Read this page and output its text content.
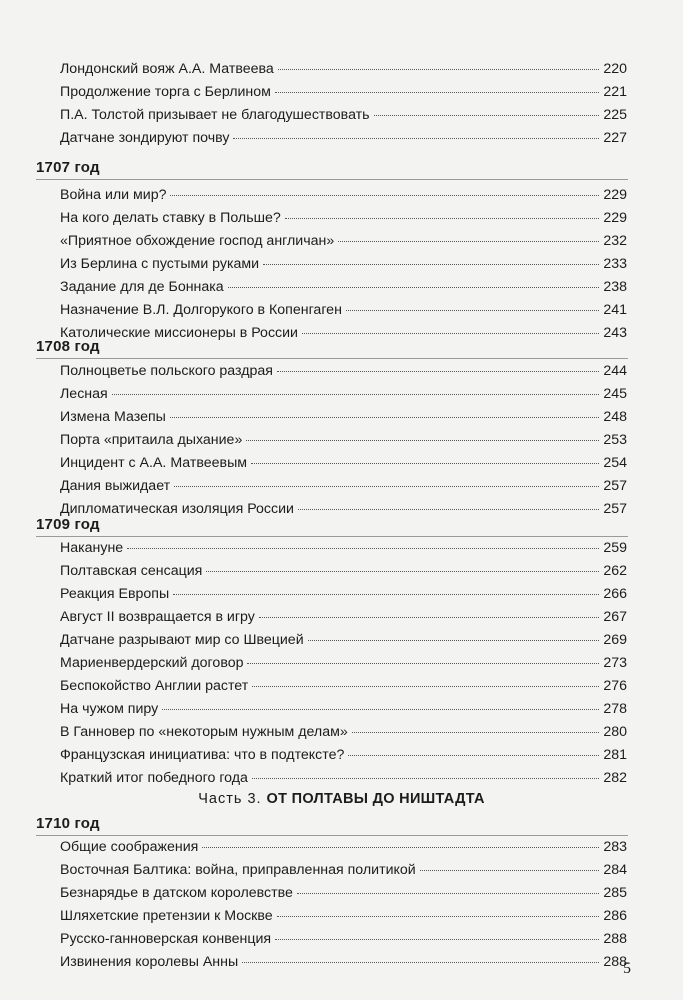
Лондонский вояж А.А. Матвеева	220
Продолжение торга с Берлином	221
П.А. Толстой призывает не благодушествовать	225
Датчане зондируют почву	227
1707 год
Война или мир?	229
На кого делать ставку в Польше?	229
«Приятное обхождение господ англичан»	232
Из Берлина с пустыми руками	233
Задание для де Боннака	238
Назначение В.Л. Долгорукого в Копенгаген	241
Католические миссионеры в России	243
1708 год
Полноцветье польского раздрая	244
Лесная	245
Измена Мазепы	248
Порта «притаила дыхание»	253
Инцидент с А.А. Матвеевым	254
Дания выжидает	257
Дипломатическая изоляция России	257
1709 год
Накануне	259
Полтавская сенсация	262
Реакция Европы	266
Август II возвращается в игру	267
Датчане разрывают мир со Швецией	269
Мариенвердерский договор	273
Беспокойство Англии растет	276
На чужом пиру	278
В Ганновер по «некоторым нужным делам»	280
Французская инициатива: что в подтексте?	281
Краткий итог победного года	282
Часть 3. ОТ ПОЛТАВЫ ДО НИШТАДТА
1710 год
Общие соображения	283
Восточная Балтика: война, приправленная политикой	284
Безнарядье в датском королевстве	285
Шляхетские претензии к Москве	286
Русско-ганноверская конвенция	288
Извинения королевы Анны	288
5
